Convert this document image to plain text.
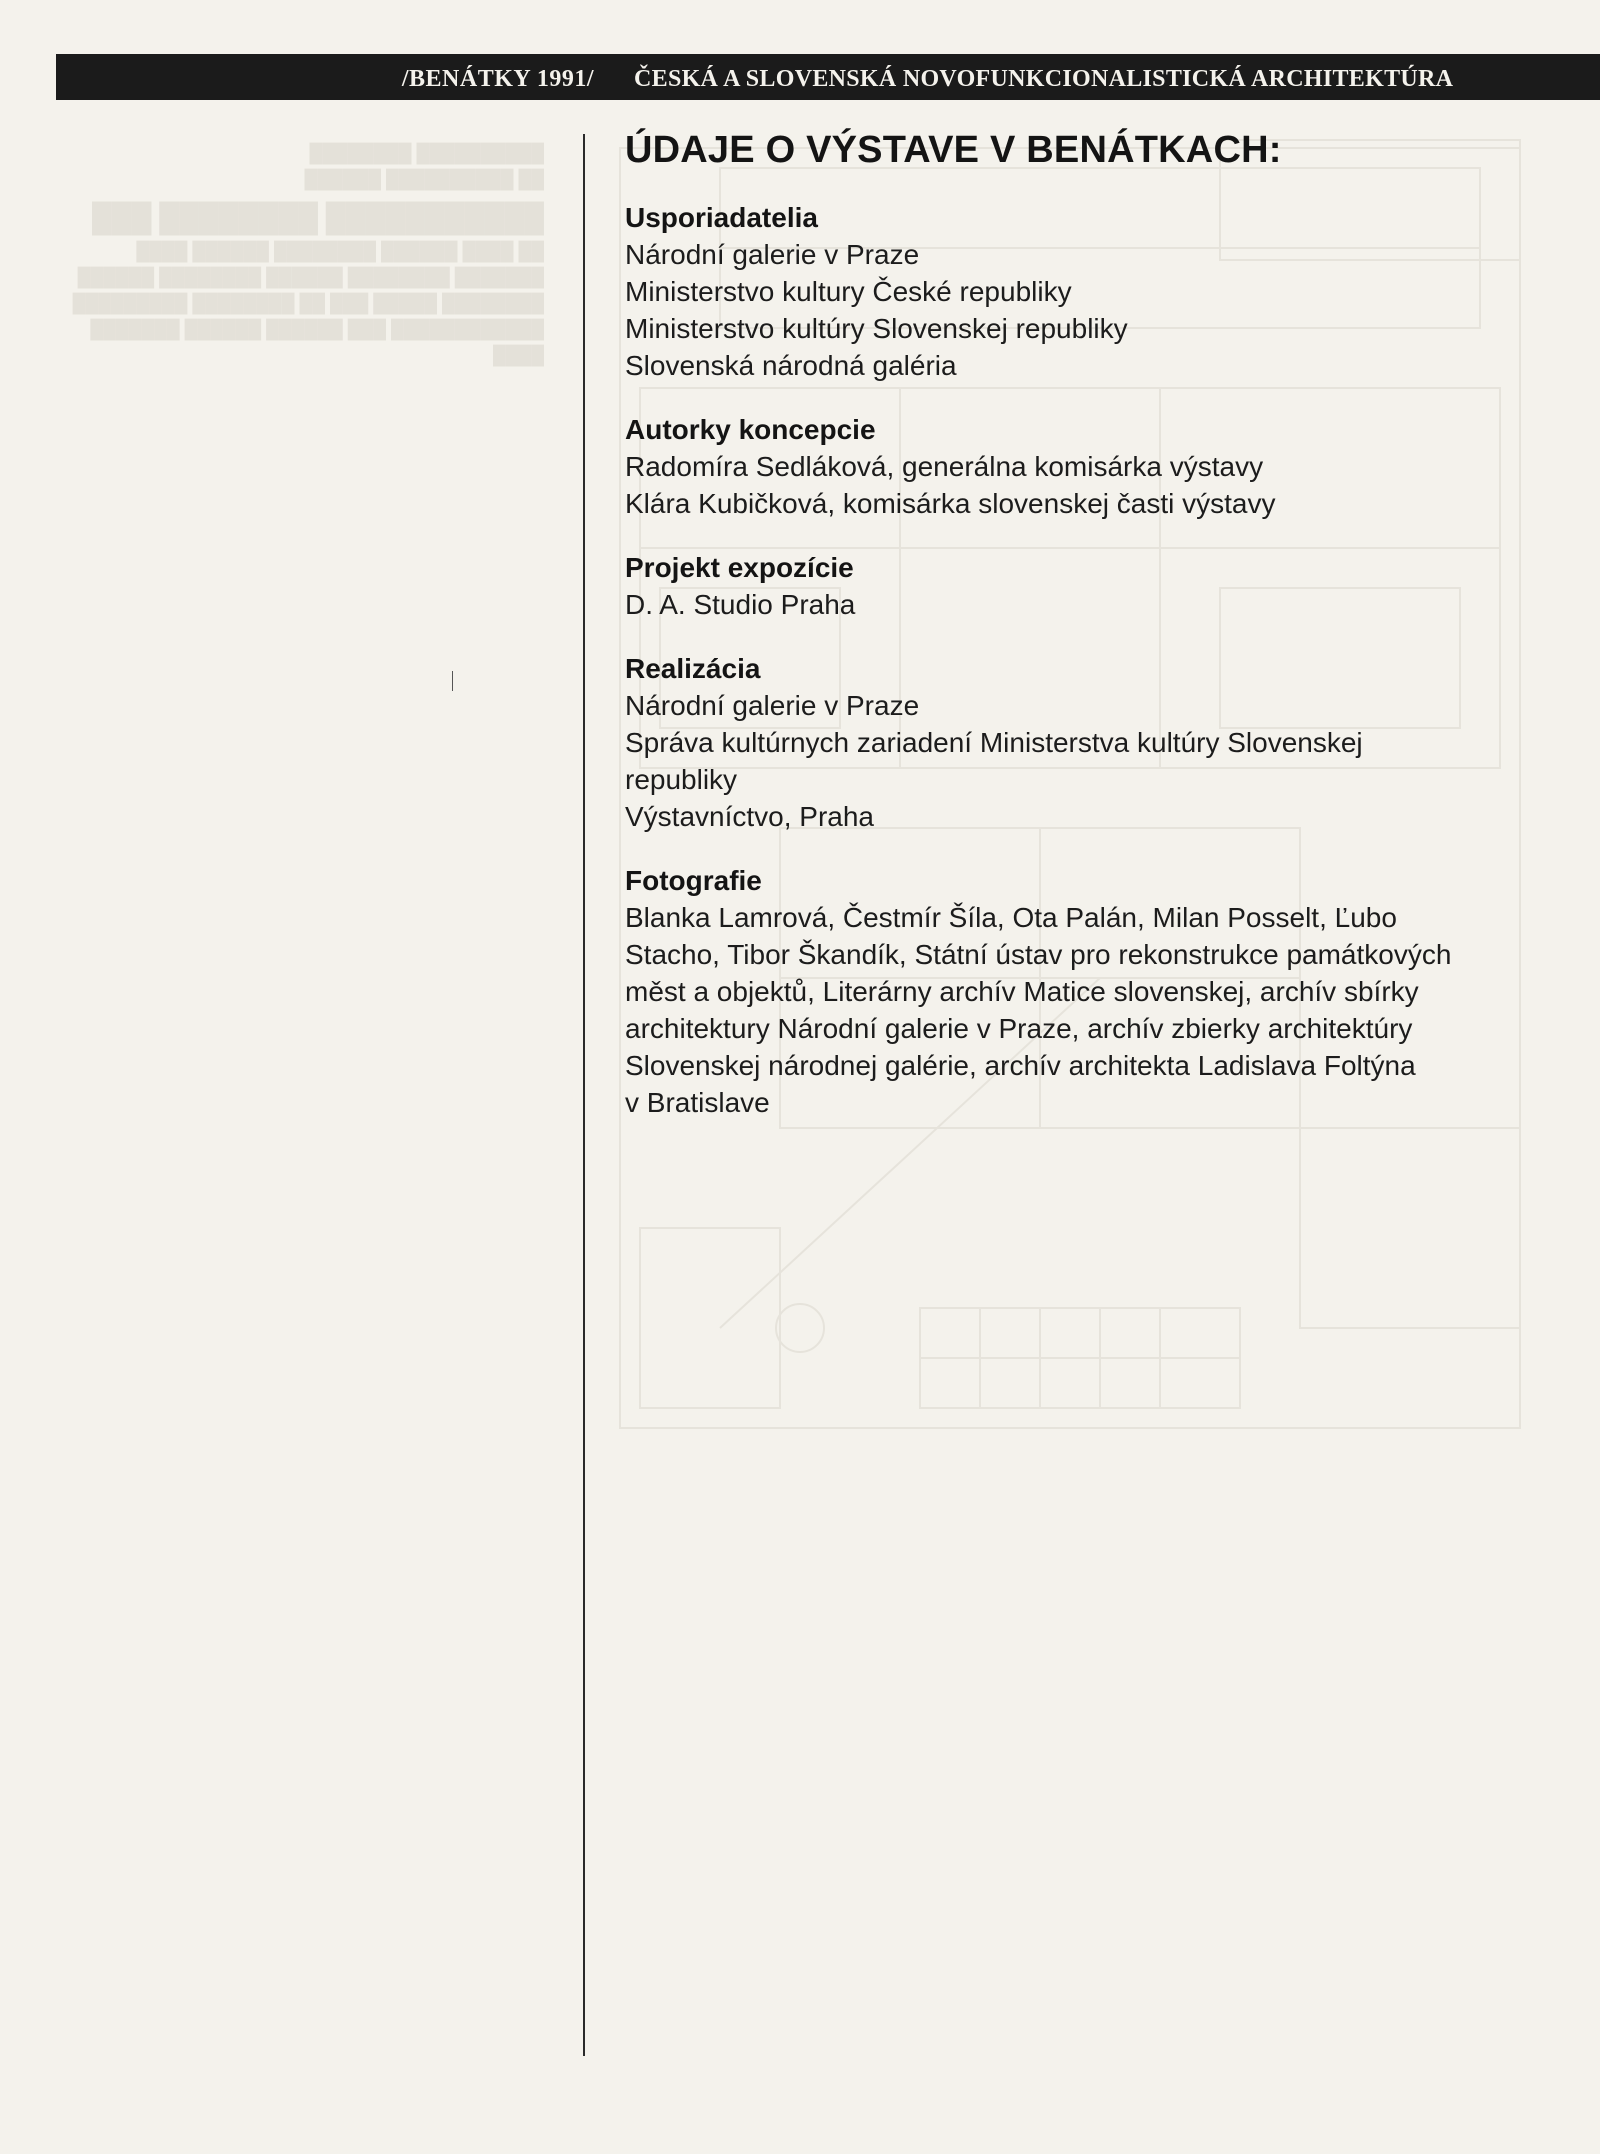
/BENÁTKY 1991/ ČESKÁ A SLOVENSKÁ NOVOFUNKCIONALISTICKÁ ARCHITEKTÚRA
████████ ██████████
██████ ██████████ ██
███ ████████ ███████████
████ ██████ ████████ ██████ ████ ██
██████ ████████ ██████ ████████ ███████
█████████ ████████ ██ ███ █████ ████████
███████ ██████ ██████ ███ ████████████
████
ÚDAJE O VÝSTAVE V BENÁTKACH:
Usporiadatelia
Národní galerie v Praze
Ministerstvo kultury České republiky
Ministerstvo kultúry Slovenskej republiky
Slovenská národná galéria
Autorky koncepcie
Radomíra Sedláková, generálna komisárka výstavy
Klára Kubičková, komisárka slovenskej časti výstavy
Projekt expozície
D. A. Studio Praha
Realizácia
Národní galerie v Praze
Správa kultúrnych zariadení Ministerstva kultúry Slovenskej
republiky
Výstavníctvo, Praha
Fotografie
Blanka Lamrová, Čestmír Šíla, Ota Palán, Milan Posselt, Ľubo
Stacho, Tibor Škandík, Státní ústav pro rekonstrukce památkových
měst a objektů, Literárny archív Matice slovenskej, archív sbírky
architektury Národní galerie v Praze, archív zbierky architektúry
Slovenskej národnej galérie, archív architekta Ladislava Foltýna
v Bratislave
